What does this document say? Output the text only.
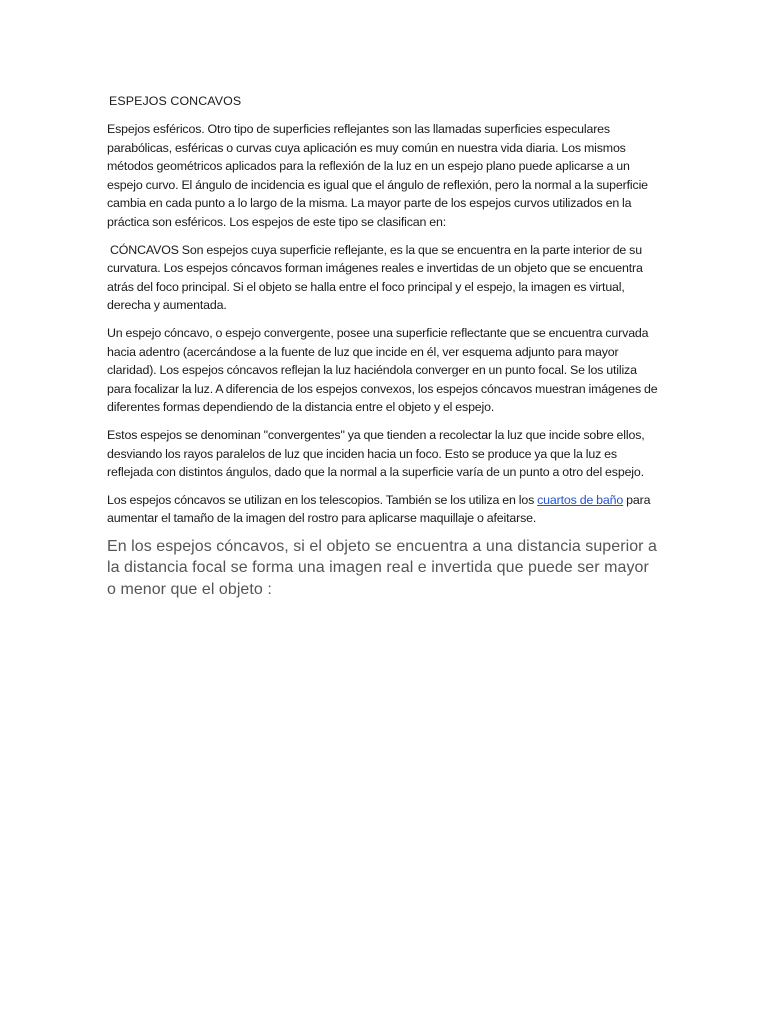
ESPEJOS CONCAVOS

Espejos esféricos. Otro tipo de superficies reflejantes son las llamadas superficies especulares parabólicas, esféricas o curvas cuya aplicación es muy común en nuestra vida diaria. Los mismos métodos geométricos aplicados para la reflexión de la luz en un espejo plano puede aplicarse a un espejo curvo. El ángulo de incidencia es igual que el ángulo de reflexión, pero la normal a la superficie cambia en cada punto a lo largo de la misma. La mayor parte de los espejos curvos utilizados en la práctica son esféricos. Los espejos de este tipo se clasifican en:

CÓNCAVOS Son espejos cuya superficie reflejante, es la que se encuentra en la parte interior de su curvatura. Los espejos cóncavos forman imágenes reales e invertidas de un objeto que se encuentra atrás del foco principal. Si el objeto se halla entre el foco principal y el espejo, la imagen es virtual, derecha y aumentada.

Un espejo cóncavo, o espejo convergente, posee una superficie reflectante que se encuentra curvada hacia adentro (acercándose a la fuente de luz que incide en él, ver esquema adjunto para mayor claridad). Los espejos cóncavos reflejan la luz haciéndola converger en un punto focal. Se los utiliza para focalizar la luz. A diferencia de los espejos convexos, los espejos cóncavos muestran imágenes de diferentes formas dependiendo de la distancia entre el objeto y el espejo.

Estos espejos se denominan "convergentes" ya que tienden a recolectar la luz que incide sobre ellos, desviando los rayos paralelos de luz que inciden hacia un foco. Esto se produce ya que la luz es reflejada con distintos ángulos, dado que la normal a la superficie varía de un punto a otro del espejo.

Los espejos cóncavos se utilizan en los telescopios. También se los utiliza en los cuartos de baño para aumentar el tamaño de la imagen del rostro para aplicarse maquillaje o afeitarse.

En los espejos cóncavos, si el objeto se encuentra a una distancia superior a la distancia focal se forma una imagen real e invertida que puede ser mayor o menor que el objeto :
